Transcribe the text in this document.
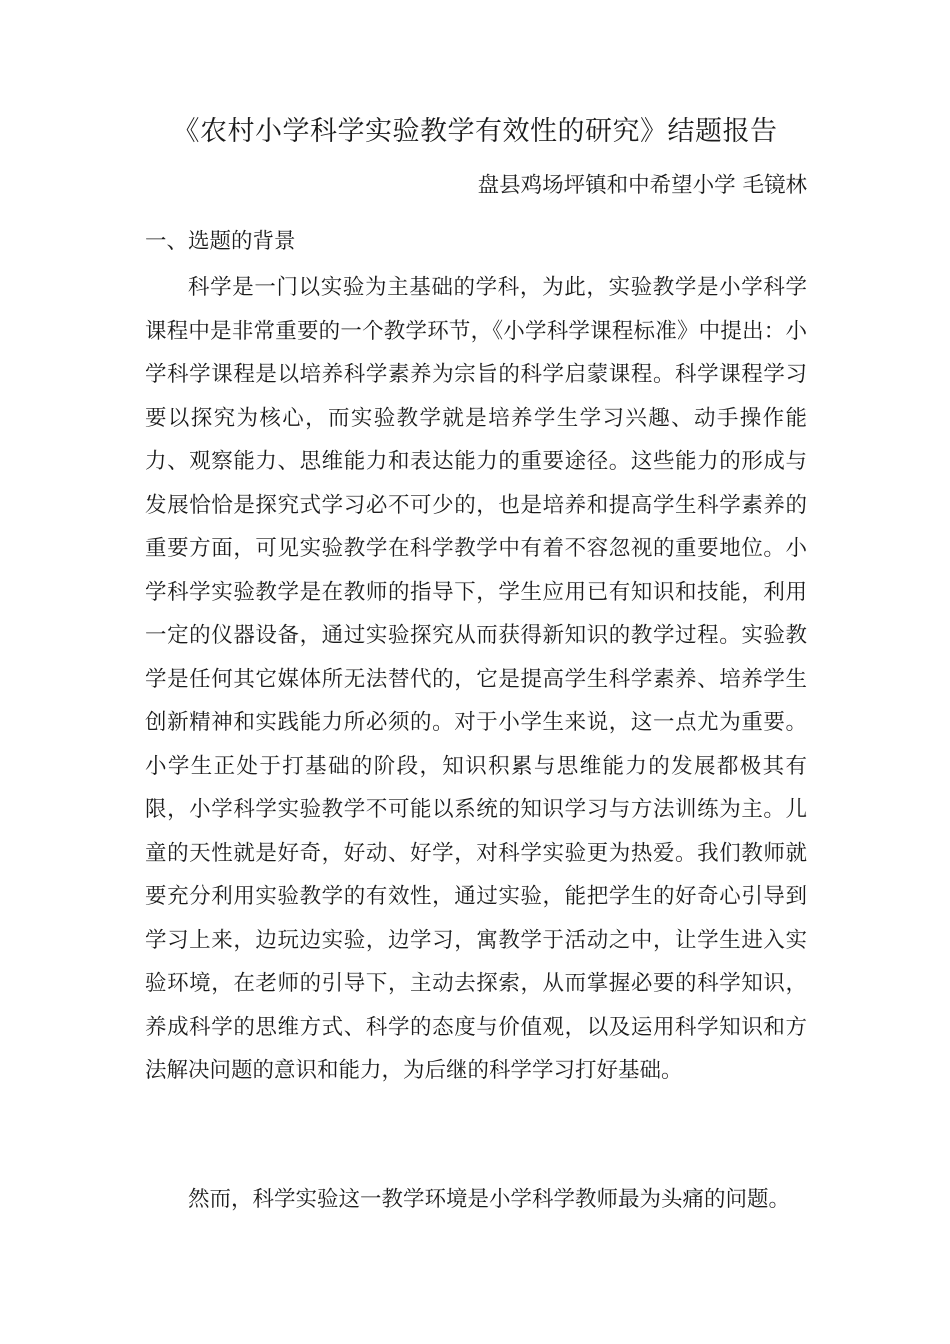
《农村小学科学实验教学有效性的研究》结题报告
盘县鸡场坪镇和中希望小学 毛镜林
一、选题的背景

科学是一门以实验为主基础的学科，为此，实验教学是小学科学课程中是非常重要的一个教学环节，《小学科学课程标准》中提出：小学科学课程是以培养科学素养为宗旨的科学启蒙课程。科学课程学习要以探究为核心，而实验教学就是培养学生学习兴趣、动手操作能力、观察能力、思维能力和表达能力的重要途径。这些能力的形成与发展恰恰是探究式学习必不可少的，也是培养和提高学生科学素养的重要方面，可见实验教学在科学教学中有着不容忽视的重要地位。小学科学实验教学是在教师的指导下，学生应用已有知识和技能，利用一定的仪器设备，通过实验探究从而获得新知识的教学过程。实验教学是任何其它媒体所无法替代的，它是提高学生科学素养、培养学生创新精神和实践能力所必须的。对于小学生来说，这一点尤为重要。小学生正处于打基础的阶段，知识积累与思维能力的发展都极其有限，小学科学实验教学不可能以系统的知识学习与方法训练为主。儿童的天性就是好奇，好动、好学，对科学实验更为热爱。我们教师就要充分利用实验教学的有效性，通过实验，能把学生的好奇心引导到学习上来，边玩边实验，边学习，寓教学于活动之中，让学生进入实验环境，在老师的引导下，主动去探索，从而掌握必要的科学知识，养成科学的思维方式、科学的态度与价值观，以及运用科学知识和方法解决问题的意识和能力，为后继的科学学习打好基础。

然而，科学实验这一教学环境是小学科学教师最为头痛的问题。
